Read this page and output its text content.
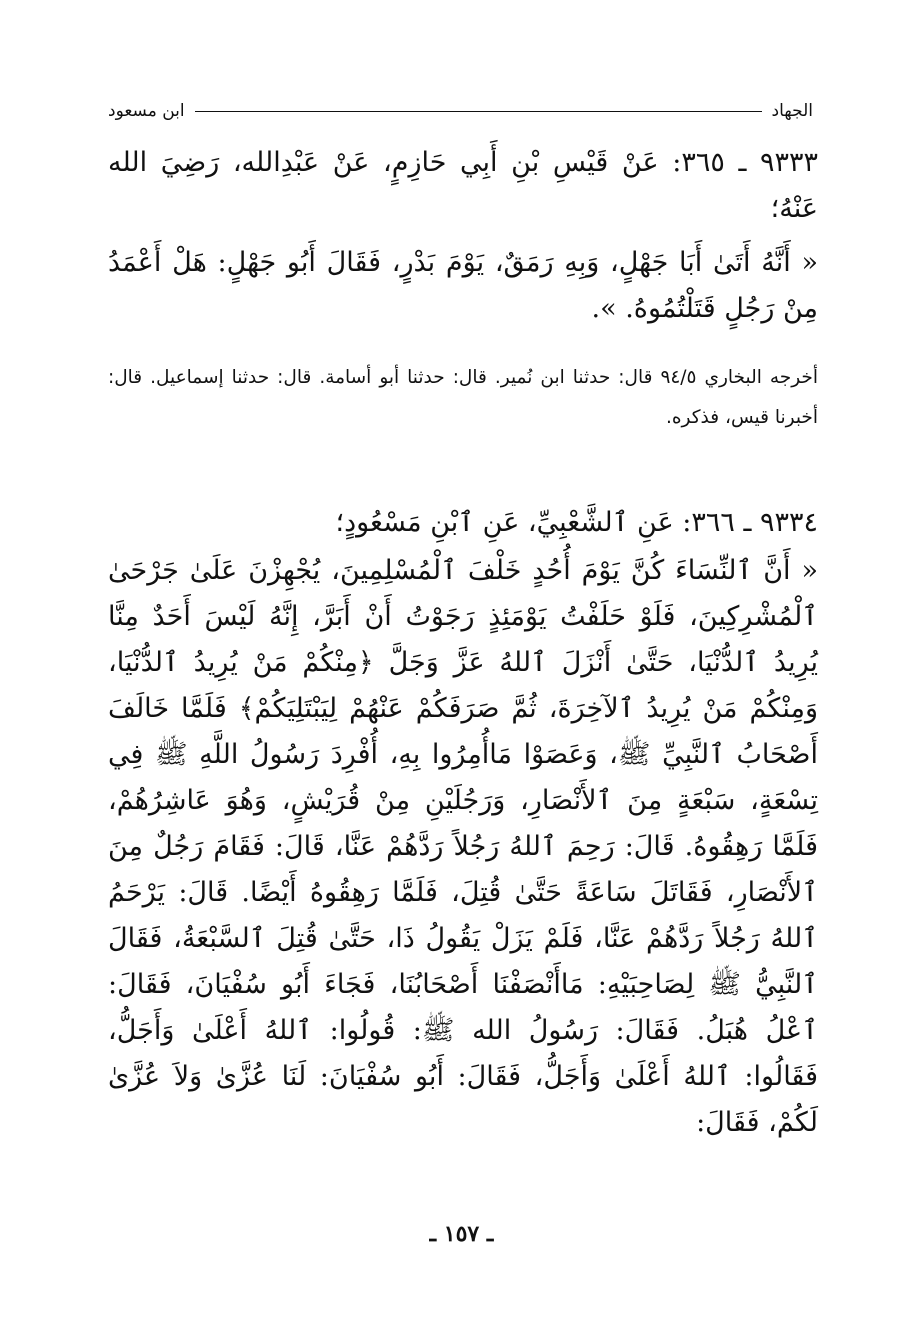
الجهاد
ابن مسعود
٩٣٣٣ ـ ٣٦٥: عَنْ قَيْسِ بْنِ أَبِي حَازِمٍ، عَنْ عَبْدِالله، رَضِيَ الله عَنْهُ؛
« أَنَّهُ أَتَىٰ أَبَا جَهْلٍ، وَبِهِ رَمَقٌ، يَوْمَ بَدْرٍ، فَقَالَ أَبُو جَهْلٍ: هَلْ أَعْمَدُ مِنْ رَجُلٍ قَتَلْتُمُوهُ. ».
أخرجه البخاري ٩٤/٥ قال: حدثنا ابن نُمير. قال: حدثنا أبو أسامة. قال: حدثنا إسماعيل. قال: أخبرنا قيس، فذكره.
٩٣٣٤ ـ ٣٦٦: عَنِ ٱلشَّعْبِيِّ، عَنِ ٱبْنِ مَسْعُودٍ؛
« أَنَّ ٱلنِّسَاءَ كُنَّ يَوْمَ أُحُدٍ خَلْفَ ٱلْمُسْلِمِينَ، يُجْهِزْنَ عَلَىٰ جَرْحَىٰ ٱلْمُشْرِكِينَ، فَلَوْ حَلَفْتُ يَوْمَئِذٍ رَجَوْتُ أَنْ أَبَرَّ، إِنَّهُ لَيْسَ أَحَدٌ مِنَّا يُرِيدُ ٱلدُّنْيَا، حَتَّىٰ أَنْزَلَ ٱللهُ عَزَّ وَجَلَّ ﴿مِنْكُمْ مَنْ يُرِيدُ ٱلدُّنْيَا، وَمِنْكُمْ مَنْ يُرِيدُ ٱلآخِرَةَ، ثُمَّ صَرَفَكُمْ عَنْهُمْ لِيَبْتَلِيَكُمْ﴾ فَلَمَّا خَالَفَ أَصْحَابُ ٱلنَّبِيِّ ﷺ، وَعَصَوْا مَاأُمِرُوا بِهِ، أُفْرِدَ رَسُولُ اللَّهِ ﷺ فِي تِسْعَةٍ، سَبْعَةٍ مِنَ ٱلأَنْصَارِ، وَرَجُلَيْنِ مِنْ قُرَيْشٍ، وَهُوَ عَاشِرُهُمْ، فَلَمَّا رَهِقُوهُ. قَالَ: رَحِمَ ٱللهُ رَجُلاً رَدَّهُمْ عَنَّا، قَالَ: فَقَامَ رَجُلٌ مِنَ ٱلأَنْصَارِ، فَقَاتَلَ سَاعَةً حَتَّىٰ قُتِلَ، فَلَمَّا رَهِقُوهُ أَيْضًا. قَالَ: يَرْحَمُ ٱللهُ رَجُلاً رَدَّهُمْ عَنَّا، فَلَمْ يَزَلْ يَقُولُ ذَا، حَتَّىٰ قُتِلَ ٱلسَّبْعَةُ، فَقَالَ ٱلنَّبِيُّ ﷺ لِصَاحِبَيْهِ: مَاأَنْصَفْنَا أَصْحَابُنَا، فَجَاءَ أَبُو سُفْيَانَ، فَقَالَ: ٱعْلُ هُبَلُ. فَقَالَ: رَسُولُ الله ﷺ: قُولُوا: ٱللهُ أَعْلَىٰ وَأَجَلُّ، فَقَالُوا: ٱللهُ أَعْلَىٰ وَأَجَلُّ، فَقَالَ: أَبُو سُفْيَانَ: لَنَا عُزَّىٰ وَلاَ عُزَّىٰ لَكُمْ، فَقَالَ:
ـ ١٥٧ ـ
